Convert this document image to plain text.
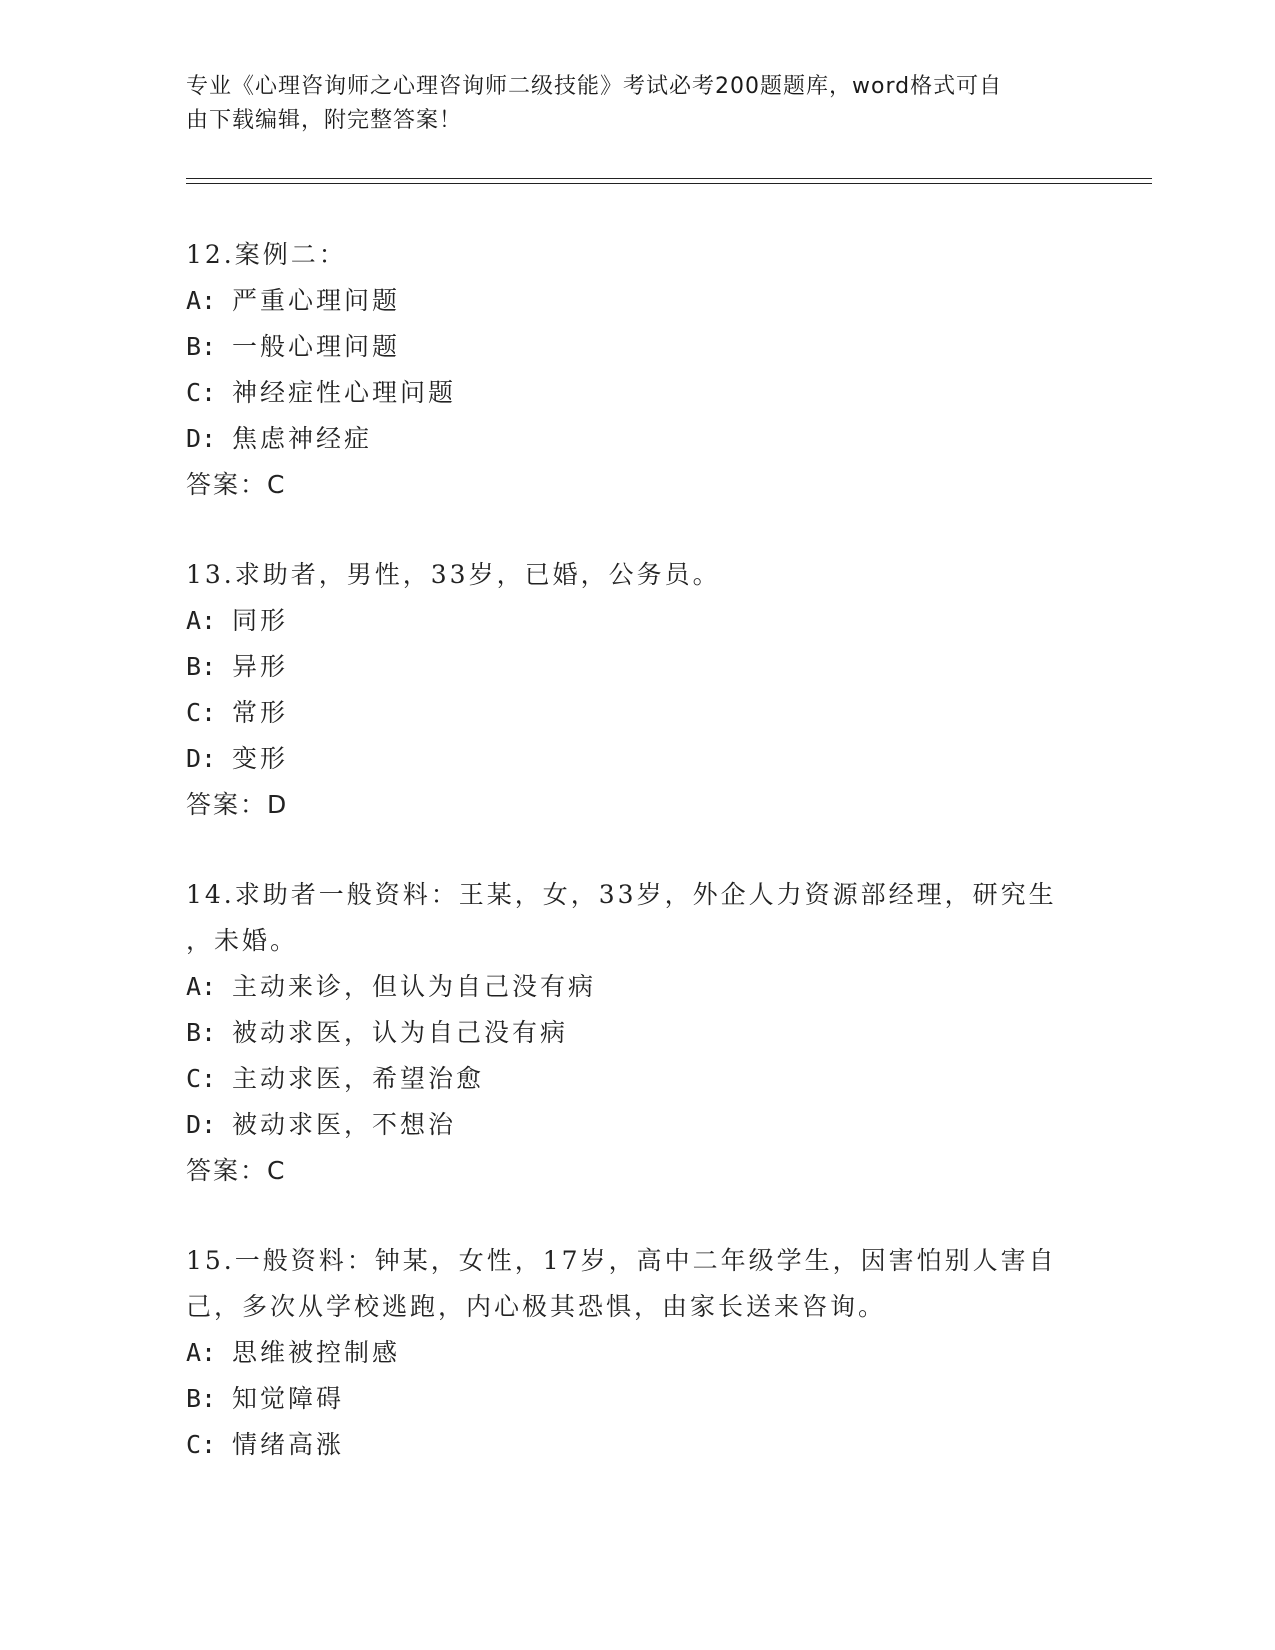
专业《心理咨询师之心理咨询师二级技能》考试必考200题题库，word格式可自
由下载编辑，附完整答案！
12.案例二：
A: 严重心理问题
B: 一般心理问题
C: 神经症性心理问题
D: 焦虑神经症
答案：C
13.求助者，男性，33岁，已婚，公务员。
A: 同形
B: 异形
C: 常形
D: 变形
答案：D
14.求助者一般资料：王某，女，33岁，外企人力资源部经理，研究生
，未婚。
A: 主动来诊，但认为自己没有病
B: 被动求医，认为自己没有病
C: 主动求医，希望治愈
D: 被动求医，不想治
答案：C
15.一般资料：钟某，女性，17岁，高中二年级学生，因害怕别人害自
己，多次从学校逃跑，内心极其恐惧，由家长送来咨询。
A: 思维被控制感
B: 知觉障碍
C: 情绪高涨
